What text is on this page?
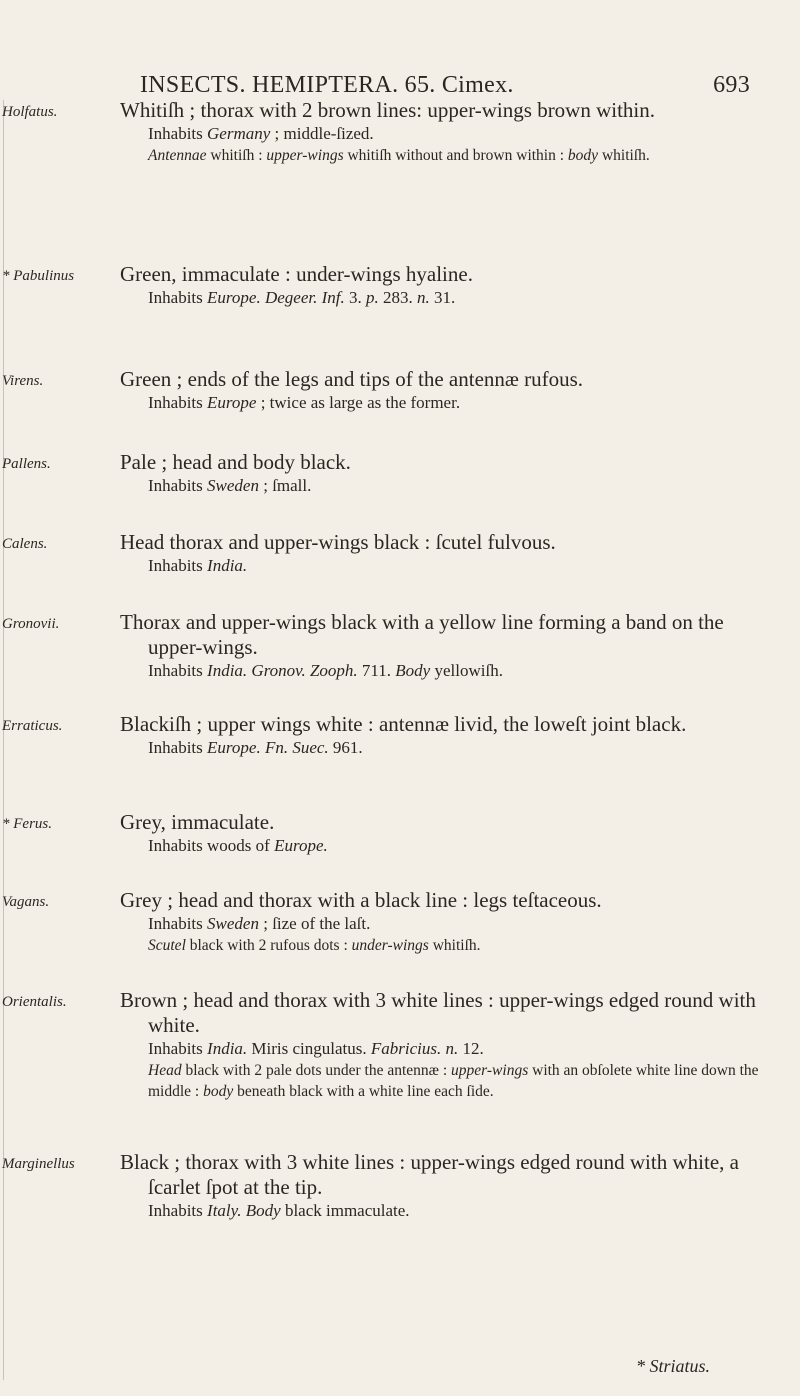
INSECTS. HEMIPTERA. 65. Cimex.	693
Holfatus.	Whitiſh ; thorax with 2 brown lines: upper-wings brown within.
Inhabits Germany ; middle-ſized.
Antennae whitiſh : upper-wings whitiſh without and brown within : body whitiſh.
* Pabulinus	Green, immaculate : under-wings hyaline.
Inhabits Europe. Degeer. Inf. 3. p. 283. n. 31.
Virens.	Green ; ends of the legs and tips of the antennæ rufous.
Inhabits Europe ; twice as large as the former.
Pallens.	Pale ; head and body black.
Inhabits Sweden ; ſmall.
Calens.	Head thorax and upper-wings black : ſcutel fulvous.
Inhabits India.
Gronovii.	Thorax and upper-wings black with a yellow line forming a band on the upper-wings.
Inhabits India. Gronov. Zooph. 711. Body yellowiſh.
Erraticus.	Blackiſh ; upper wings white : antennæ livid, the loweſt joint black.
Inhabits Europe. Fn. Suec. 961.
* Ferus.	Grey, immaculate.
Inhabits woods of Europe.
Vagans.	Grey ; head and thorax with a black line : legs teſtaceous.
Inhabits Sweden ; ſize of the laſt.
Scutel black with 2 rufous dots : under-wings whitiſh.
Orientalis.	Brown ; head and thorax with 3 white lines : upper-wings edged round with white.
Inhabits India. Miris cingulatus. Fabricius. n. 12.
Head black with 2 pale dots under the antennæ : upper-wings with an obſolete white line down the middle : body beneath black with a white line each ſide.
Marginellus	Black ; thorax with 3 white lines : upper-wings edged round with white, a ſcarlet ſpot at the tip.
Inhabits Italy. Body black immaculate.
* Striatus.
